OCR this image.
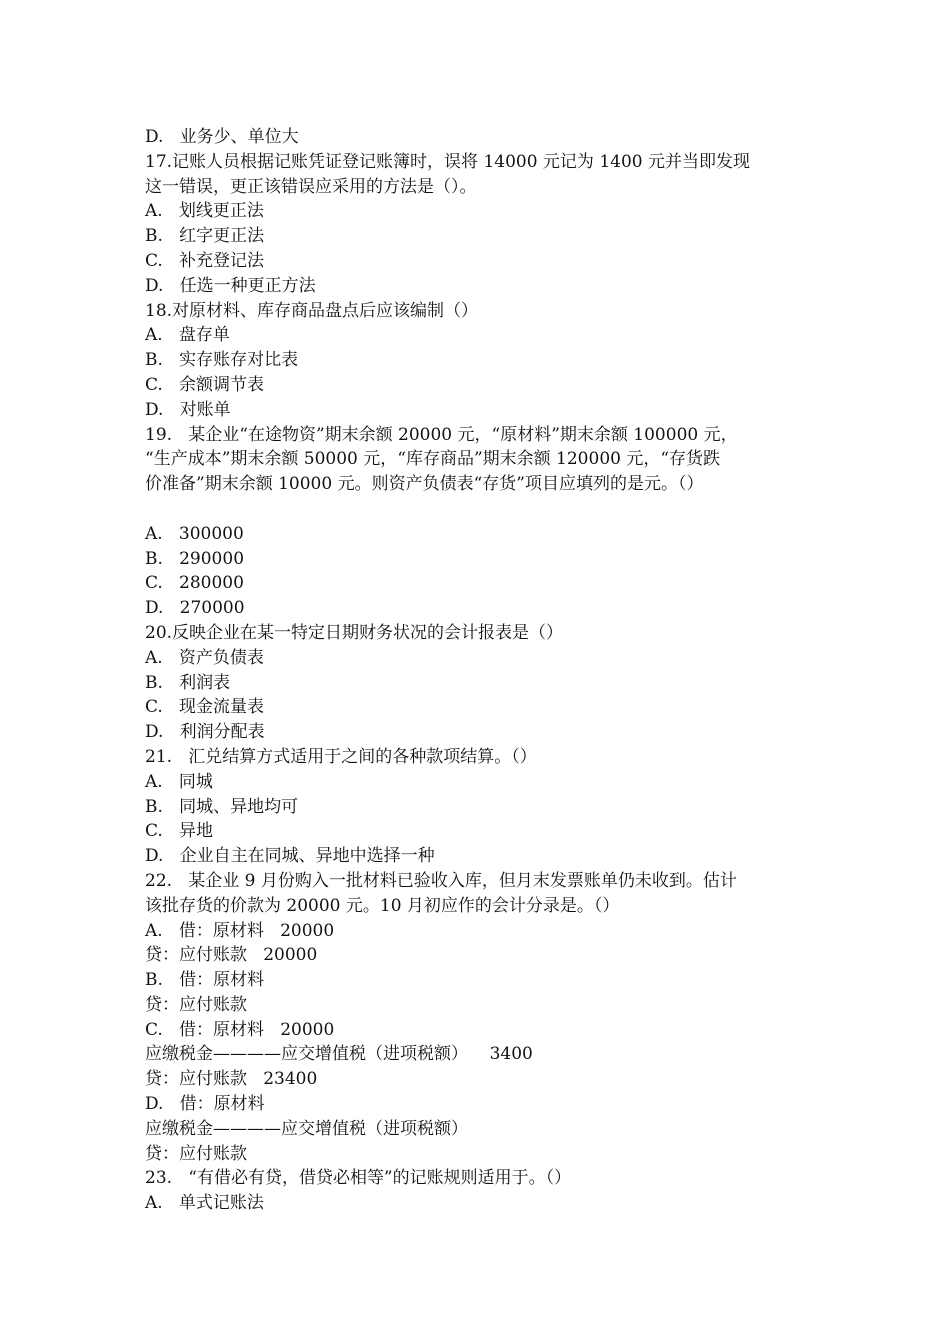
D.   业务少、单位大
17.记账人员根据记账凭证登记账簿时，误将 14000 元记为 1400 元并当即发现
这一错误，更正该错误应采用的方法是（）。
A.   划线更正法
B.   红字更正法
C.   补充登记法
D.   任选一种更正方法
18.对原材料、库存商品盘点后应该编制（）
A.   盘存单
B.   实存账存对比表
C.   余额调节表
D.   对账单
19.   某企业“在途物资”期末余额 20000 元，“原材料”期末余额 100000 元，
“生产成本”期末余额 50000 元，“库存商品”期末余额 120000 元，“存货跌
价准备”期末余额 10000 元。则资产负债表“存货”项目应填列的是元。（）
A.   300000
B.   290000
C.   280000
D.   270000
20.反映企业在某一特定日期财务状况的会计报表是（）
A.   资产负债表
B.   利润表
C.   现金流量表
D.   利润分配表
21.   汇兑结算方式适用于之间的各种款项结算。（）
A.   同城
B.   同城、异地均可
C.   异地
D.   企业自主在同城、异地中选择一种
22.   某企业 9 月份购入一批材料已验收入库，但月末发票账单仍未收到。估计
该批存货的价款为 20000 元。10 月初应作的会计分录是。（）
A.   借：原材料   20000
贷：应付账款   20000
B.   借：原材料
贷：应付账款
C.   借：原材料   20000
应缴税金————应交增值税（进项税额）    3400
贷：应付账款   23400
D.   借：原材料
应缴税金————应交增值税（进项税额）
贷：应付账款
23.   “有借必有贷，借贷必相等”的记账规则适用于。（）
A.   单式记账法
